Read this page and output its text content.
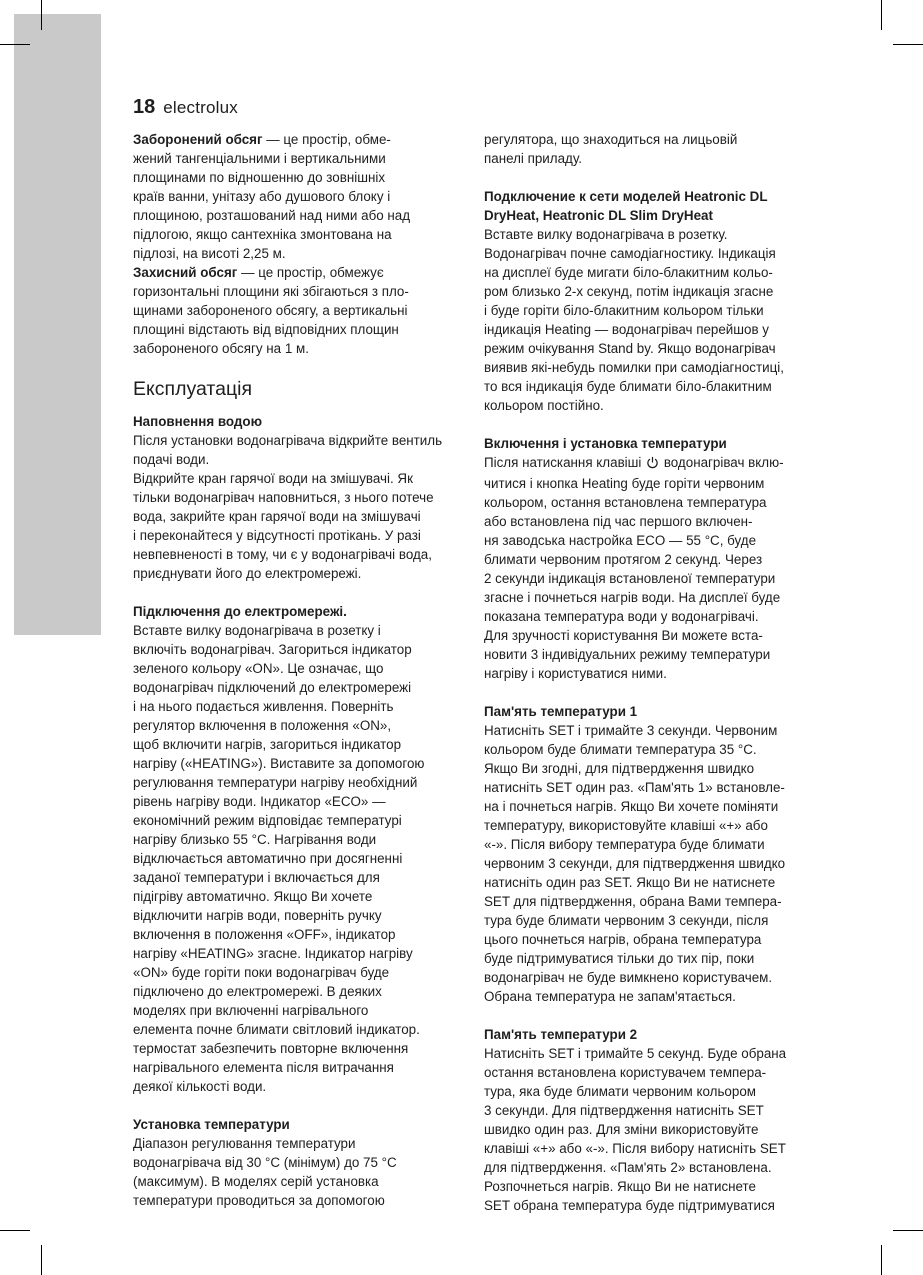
18 electrolux

Заборонений обсяг — це простір, обме-
жений тангенціальними і вертикальними
площинами по відношенню до зовнішніх
країв ванни, унітазу або душового блоку і
площиною, розташований над ними або над
підлогою, якщо сантехніка змонтована на
підлозі, на висоті 2,25 м.

Захисний обсяг — це простір, обмежує
горизонтальні площини які збігаються з пло-
щинами забороненого обсягу, а вертикальні
площині відстають від відповідних площин
забороненого обсягу на 1 м.

Експлуатація

Наповнення водою

Після установки водонагрівача відкрийте вентиль
подачі води.
Відкрийте кран гарячої води на змішувачі. Як
тільки водонагрівач наповниться, з нього потече
вода, закрийте кран гарячої води на змішувачі
і переконайтеся у відсутності протікань. У разі
невпевненості в тому, чи є у водонагрівачі вода,
приєднувати його до електромережі.

Підключення до електромережі.

Вставте вилку водонагрівача в розетку і
включіть водонагрівач. Загориться індикатор
зеленого кольору «ON». Це означає, що
водонагрівач підключений до електромережі
і на нього подається живлення. Поверніть
регулятор включення в положення «ON»,
щоб включити нагрів, загориться індикатор
нагріву («HEATING»). Виставите за допомогою
регулювання температури нагріву необхідний
рівень нагріву води. Індикатор «ECO» —
економічний режим відповідає температурі
нагріву близько 55 °С. Нагрівання води
відключається автоматично при досягненні
заданої температури і включається для
підігріву автоматично. Якщо Ви хочете
відключити нагрів води, поверніть ручку
включення в положення «OFF», індикатор
нагріву «HEATING» згасне. Індикатор нагріву
«ON» буде горіти поки водонагрівач буде
підключено до електромережі. В деяких
моделях при включенні нагрівального
елемента почне блимати світловий індикатор.
термостат забезпечить повторне включення
нагрівального елемента після витрачання
деякої кількості води.

Установка температури

Діапазон регулювання температури
водонагрівача від 30 °С (мінімум) до 75 °С
(максимум). В моделях серій установка
температури проводиться за допомогою

регулятора, що знаходиться на лицьовій
панелі приладу.

Подключение к сети моделей Heatronic DL
DryHeat, Heatronic DL Slim DryHeat

Вставте вилку водонагрівача в розетку.
Водонагрівач почне самодіагностику. Індикація
на дисплеї буде мигати біло-блакитним кольо-
ром близько 2-х секунд, потім індикація згасне
і буде горіти біло-блакитним кольором тільки
індикація Heating — водонагрівач перейшов у
режим очікування Stand by. Якщо водонагрівач
виявив які-небудь помилки при самодіагностиці,
то вся індикація буде блимати біло-блакитним
кольором постійно.

Включення і установка температури

Після натискання клавіші  водонагрівач вклю-
читися і кнопка Heating буде горіти червоним
кольором, остання встановлена температура
або встановлена під час першого включен-
ня заводська настройка ECO — 55 °C, буде
блимати червоним протягом 2 секунд. Через
2 секунди індикація встановленої температури
згасне і почнеться нагрів води. На дисплеї буде
показана температура води у водонагрівачі.
Для зручності користування Ви можете вста-
новити 3 індивідуальних режиму температури
нагріву і користуватися ними.

Пам'ять температури 1

Натисніть SET і тримайте 3 секунди. Червоним
кольором буде блимати температура 35 °C.
Якщо Ви згодні, для підтвердження швидко
натисніть SET один раз. «Пам'ять 1» встановле-
на і почнеться нагрів. Якщо Ви хочете поміняти
температуру, використовуйте клавіші «+» або
«-». Після вибору температура буде блимати
червоним 3 секунди, для підтвердження швидко
натисніть один раз SET. Якщо Ви не натиснете
SET для підтвердження, обрана Вами темпера-
тура буде блимати червоним 3 секунди, після
цього почнеться нагрів, обрана температура
буде підтримуватися тільки до тих пір, поки
водонагрівач не буде вимкнено користувачем.
Обрана температура не запам'ятається.

Пам'ять температури 2

Натисніть SET і тримайте 5 секунд. Буде обрана
остання встановлена користувачем темпера-
тура, яка буде блимати червоним кольором
3 секунди. Для підтвердження натисніть SET
швидко один раз. Для зміни використовуйте
клавіші «+» або «-». Після вибору натисніть SET
для підтвердження. «Пам'ять 2» встановлена.
Розпочнеться нагрів. Якщо Ви не натиснете
SET обрана температура буде підтримуватися
